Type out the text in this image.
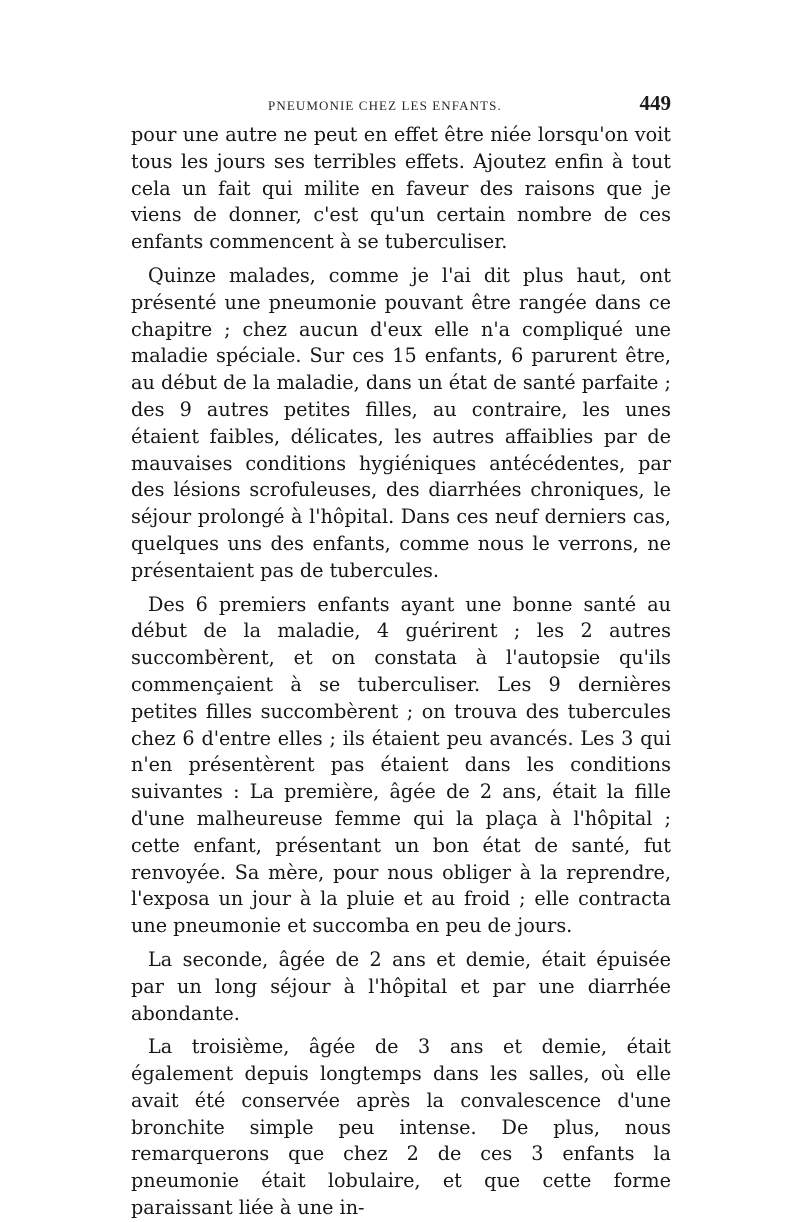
PNEUMONIE CHEZ LES ENFANTS.	449

pour une autre ne peut en effet être niée lorsqu'on voit tous les jours ses terribles effets. Ajoutez enfin à tout cela un fait qui milite en faveur des raisons que je viens de donner, c'est qu'un certain nombre de ces enfants commencent à se tuberculiser.

Quinze malades, comme je l'ai dit plus haut, ont présenté une pneumonie pouvant être rangée dans ce chapitre ; chez aucun d'eux elle n'a compliqué une maladie spéciale. Sur ces 15 enfants, 6 parurent être, au début de la maladie, dans un état de santé parfaite ; des 9 autres petites filles, au contraire, les unes étaient faibles, délicates, les autres affaiblies par de mauvaises conditions hygiéniques antécédentes, par des lésions scrofuleuses, des diarrhées chroniques, le séjour prolongé à l'hôpital. Dans ces neuf derniers cas, quelques uns des enfants, comme nous le verrons, ne présentaient pas de tubercules.

Des 6 premiers enfants ayant une bonne santé au début de la maladie, 4 guérirent ; les 2 autres succombèrent, et on constata à l'autopsie qu'ils commençaient à se tuberculiser. Les 9 dernières petites filles succombèrent ; on trouva des tubercules chez 6 d'entre elles ; ils étaient peu avancés. Les 3 qui n'en présentèrent pas étaient dans les conditions suivantes : La première, âgée de 2 ans, était la fille d'une malheureuse femme qui la plaça à l'hôpital ; cette enfant, présentant un bon état de santé, fut renvoyée. Sa mère, pour nous obliger à la reprendre, l'exposa un jour à la pluie et au froid ; elle contracta une pneumonie et succomba en peu de jours.

La seconde, âgée de 2 ans et demie, était épuisée par un long séjour à l'hôpital et par une diarrhée abondante.

La troisième, âgée de 3 ans et demie, était également depuis longtemps dans les salles, où elle avait été conservée après la convalescence d'une bronchite simple peu intense. De plus, nous remarquerons que chez 2 de ces 3 enfants la pneumonie était lobulaire, et que cette forme paraissant liée à une in-
